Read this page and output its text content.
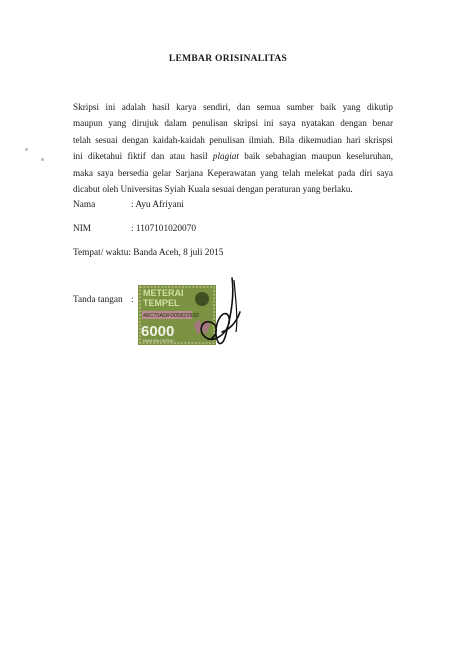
LEMBAR ORISINALITAS
Skripsi ini adalah hasil karya sendiri, dan semua sumber baik yang dikutip
maupun yang dirujuk dalam penulisan skripsi ini saya nyatakan dengan benar
telah sesuai dengan kaidah-kaidah penulisan ilmiah. Bila dikemudian hari skrispsi
ini diketahui fiktif dan atau hasil plagiat baik sebahagian maupun keseluruhan,
maka saya bersedia gelar Sarjana Keperawatan yang telah melekat pada diri saya
dicabut oleh Universitas Syiah Kuala sesuai dengan peraturan yang berlaku.
Nama	: Ayu Afriyani
NIM	: 1107101020070
Tempat/ waktu: Banda Aceh, 8 juli 2015
Tanda tangan :
METERAI
TEMPEL
46C70ADF005822910
6000
ENAM RIBU RUPIAH
